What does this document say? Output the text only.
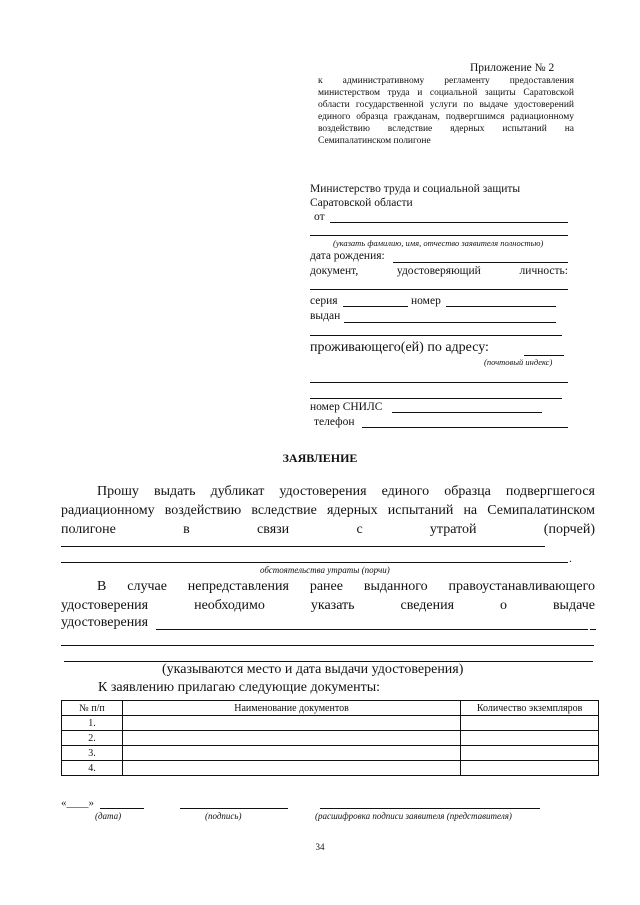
Приложение № 2
к административному регламенту предоставления министерством труда и социальной защиты Саратовской области государственной услуги по выдаче удостоверений единого образца гражданам, подвергшимся радиационному воздействию вследствие ядерных испытаний на Семипалатинском полигоне
Министерство труда и социальной защиты
Саратовской области
от
(указать фамилию, имя, отчество заявителя полностью)
дата рождения:
документ, удостоверяющий личность:
серия	номер
выдан
проживающего(ей) по адресу:
(почтовый индекс)
номер СНИЛС
телефон
ЗАЯВЛЕНИЕ
Прошу выдать дубликат удостоверения единого образца подвергшегося радиационному воздействию вследствие ядерных испытаний на Семипалатинском полигоне в связи с утратой (порчей)
.
обстоятельства утраты (порчи)
В случае непредставления ранее выданного правоустанавливающего удостоверения необходимо указать сведения о выдаче
удостоверения
(указываются место и дата выдачи удостоверения)
К заявлению прилагаю следующие документы:
№ п/п	Наименование документов	Количество экземпляров
1.		
2.		
3.		
4.		
«____»
(дата)	(подпись)	(расшифровка подписи заявителя (представителя)
34
